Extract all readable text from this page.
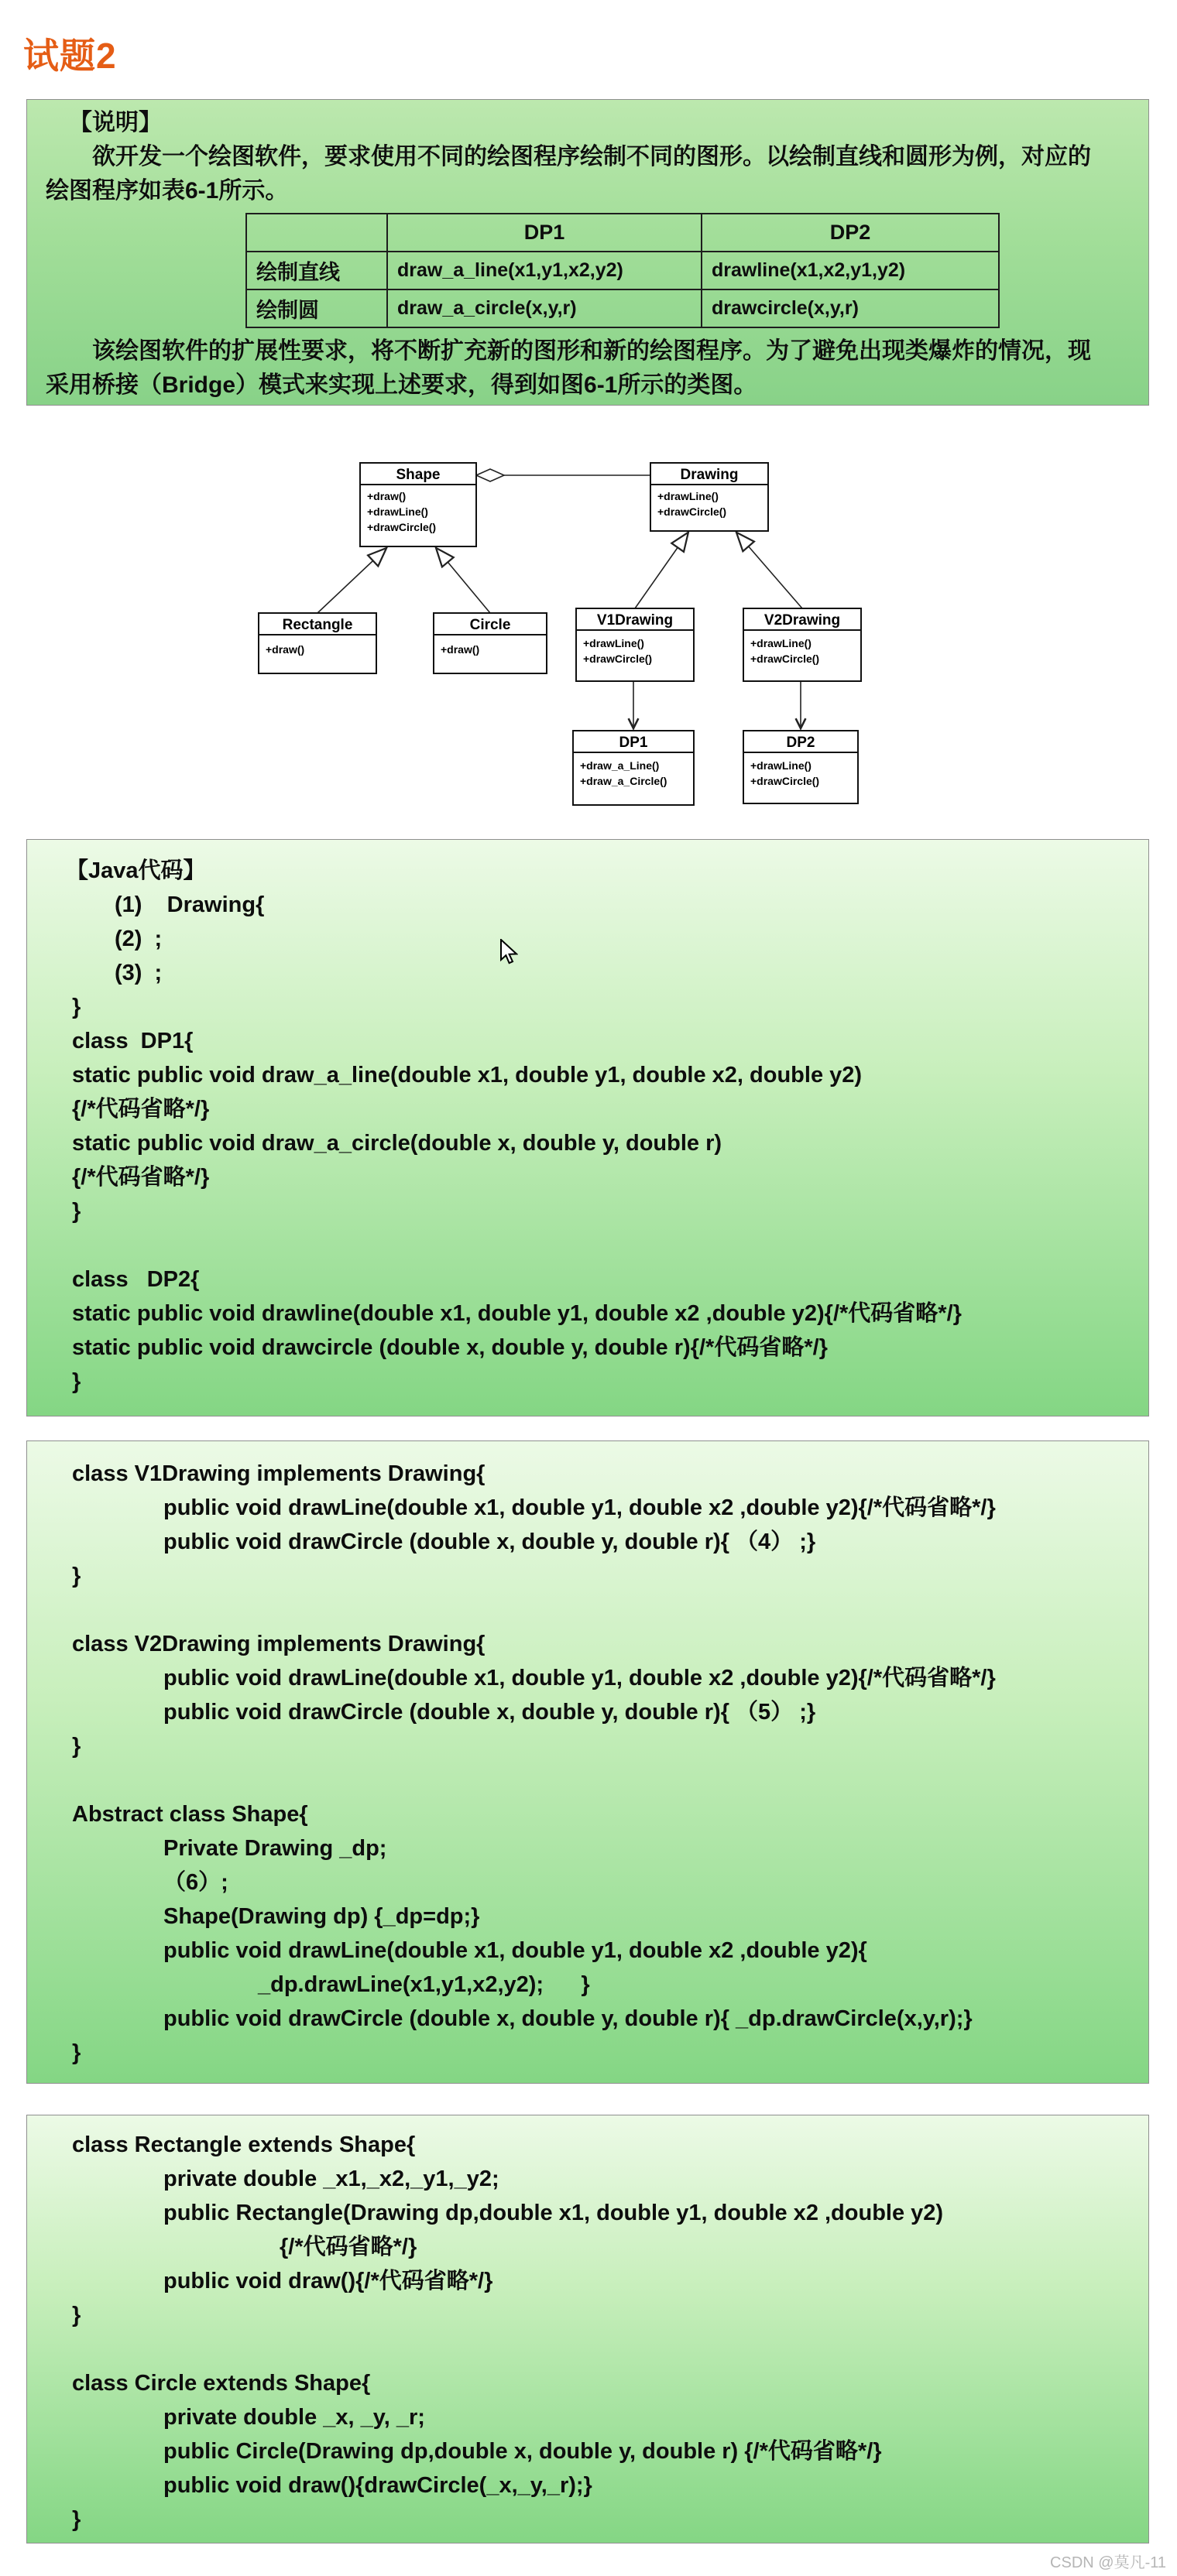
试题2
【说明】
欲开发一个绘图软件，要求使用不同的绘图程序绘制不同的图形。以绘制直线和圆形为例，对应的
绘图程序如表6-1所示。
	DP1	DP2
绘制直线	draw_a_line(x1,y1,x2,y2)	drawline(x1,x2,y1,y2)
绘制圆	draw_a_circle(x,y,r)	drawcircle(x,y,r)
该绘图软件的扩展性要求，将不断扩充新的图形和新的绘图程序。为了避免出现类爆炸的情况，现
采用桥接（Bridge）模式来实现上述要求，得到如图6-1所示的类图。
Shape
+draw()
+drawLine()
+drawCircle()
Drawing
+drawLine()
+drawCircle()
Rectangle
+draw()
Circle
+draw()
V1Drawing
+drawLine()
+drawCircle()
V2Drawing
+drawLine()
+drawCircle()
DP1
+draw_a_Line()
+draw_a_Circle()
DP2
+drawLine()
+drawCircle()
【Java代码】
(1)    Drawing{
(2)  ;
(3)  ;
}
class  DP1{
static public void draw_a_line(double x1, double y1, double x2, double y2)
{/*代码省略*/}
static public void draw_a_circle(double x, double y, double r)
{/*代码省略*/}
}

class   DP2{
static public void drawline(double x1, double y1, double x2 ,double y2){/*代码省略*/}
static public void drawcircle (double x, double y, double r){/*代码省略*/}
}
class V1Drawing implements Drawing{
public void drawLine(double x1, double y1, double x2 ,double y2){/*代码省略*/}
public void drawCircle (double x, double y, double r){ （4） ;}
}

class V2Drawing implements Drawing{
public void drawLine(double x1, double y1, double x2 ,double y2){/*代码省略*/}
public void drawCircle (double x, double y, double r){ （5） ;}
}

Abstract class Shape{
Private Drawing _dp;
（6）;
Shape(Drawing dp) {_dp=dp;}
public void drawLine(double x1, double y1, double x2 ,double y2){
_dp.drawLine(x1,y1,x2,y2);      }
public void drawCircle (double x, double y, double r){ _dp.drawCircle(x,y,r);}
}
class Rectangle extends Shape{
private double _x1,_x2,_y1,_y2;
public Rectangle(Drawing dp,double x1, double y1, double x2 ,double y2)
{/*代码省略*/}
public void draw(){/*代码省略*/}
}

class Circle extends Shape{
private double _x, _y, _r;
public Circle(Drawing dp,double x, double y, double r) {/*代码省略*/}
public void draw(){drawCircle(_x,_y,_r);}
}
CSDN @莫凡-11
